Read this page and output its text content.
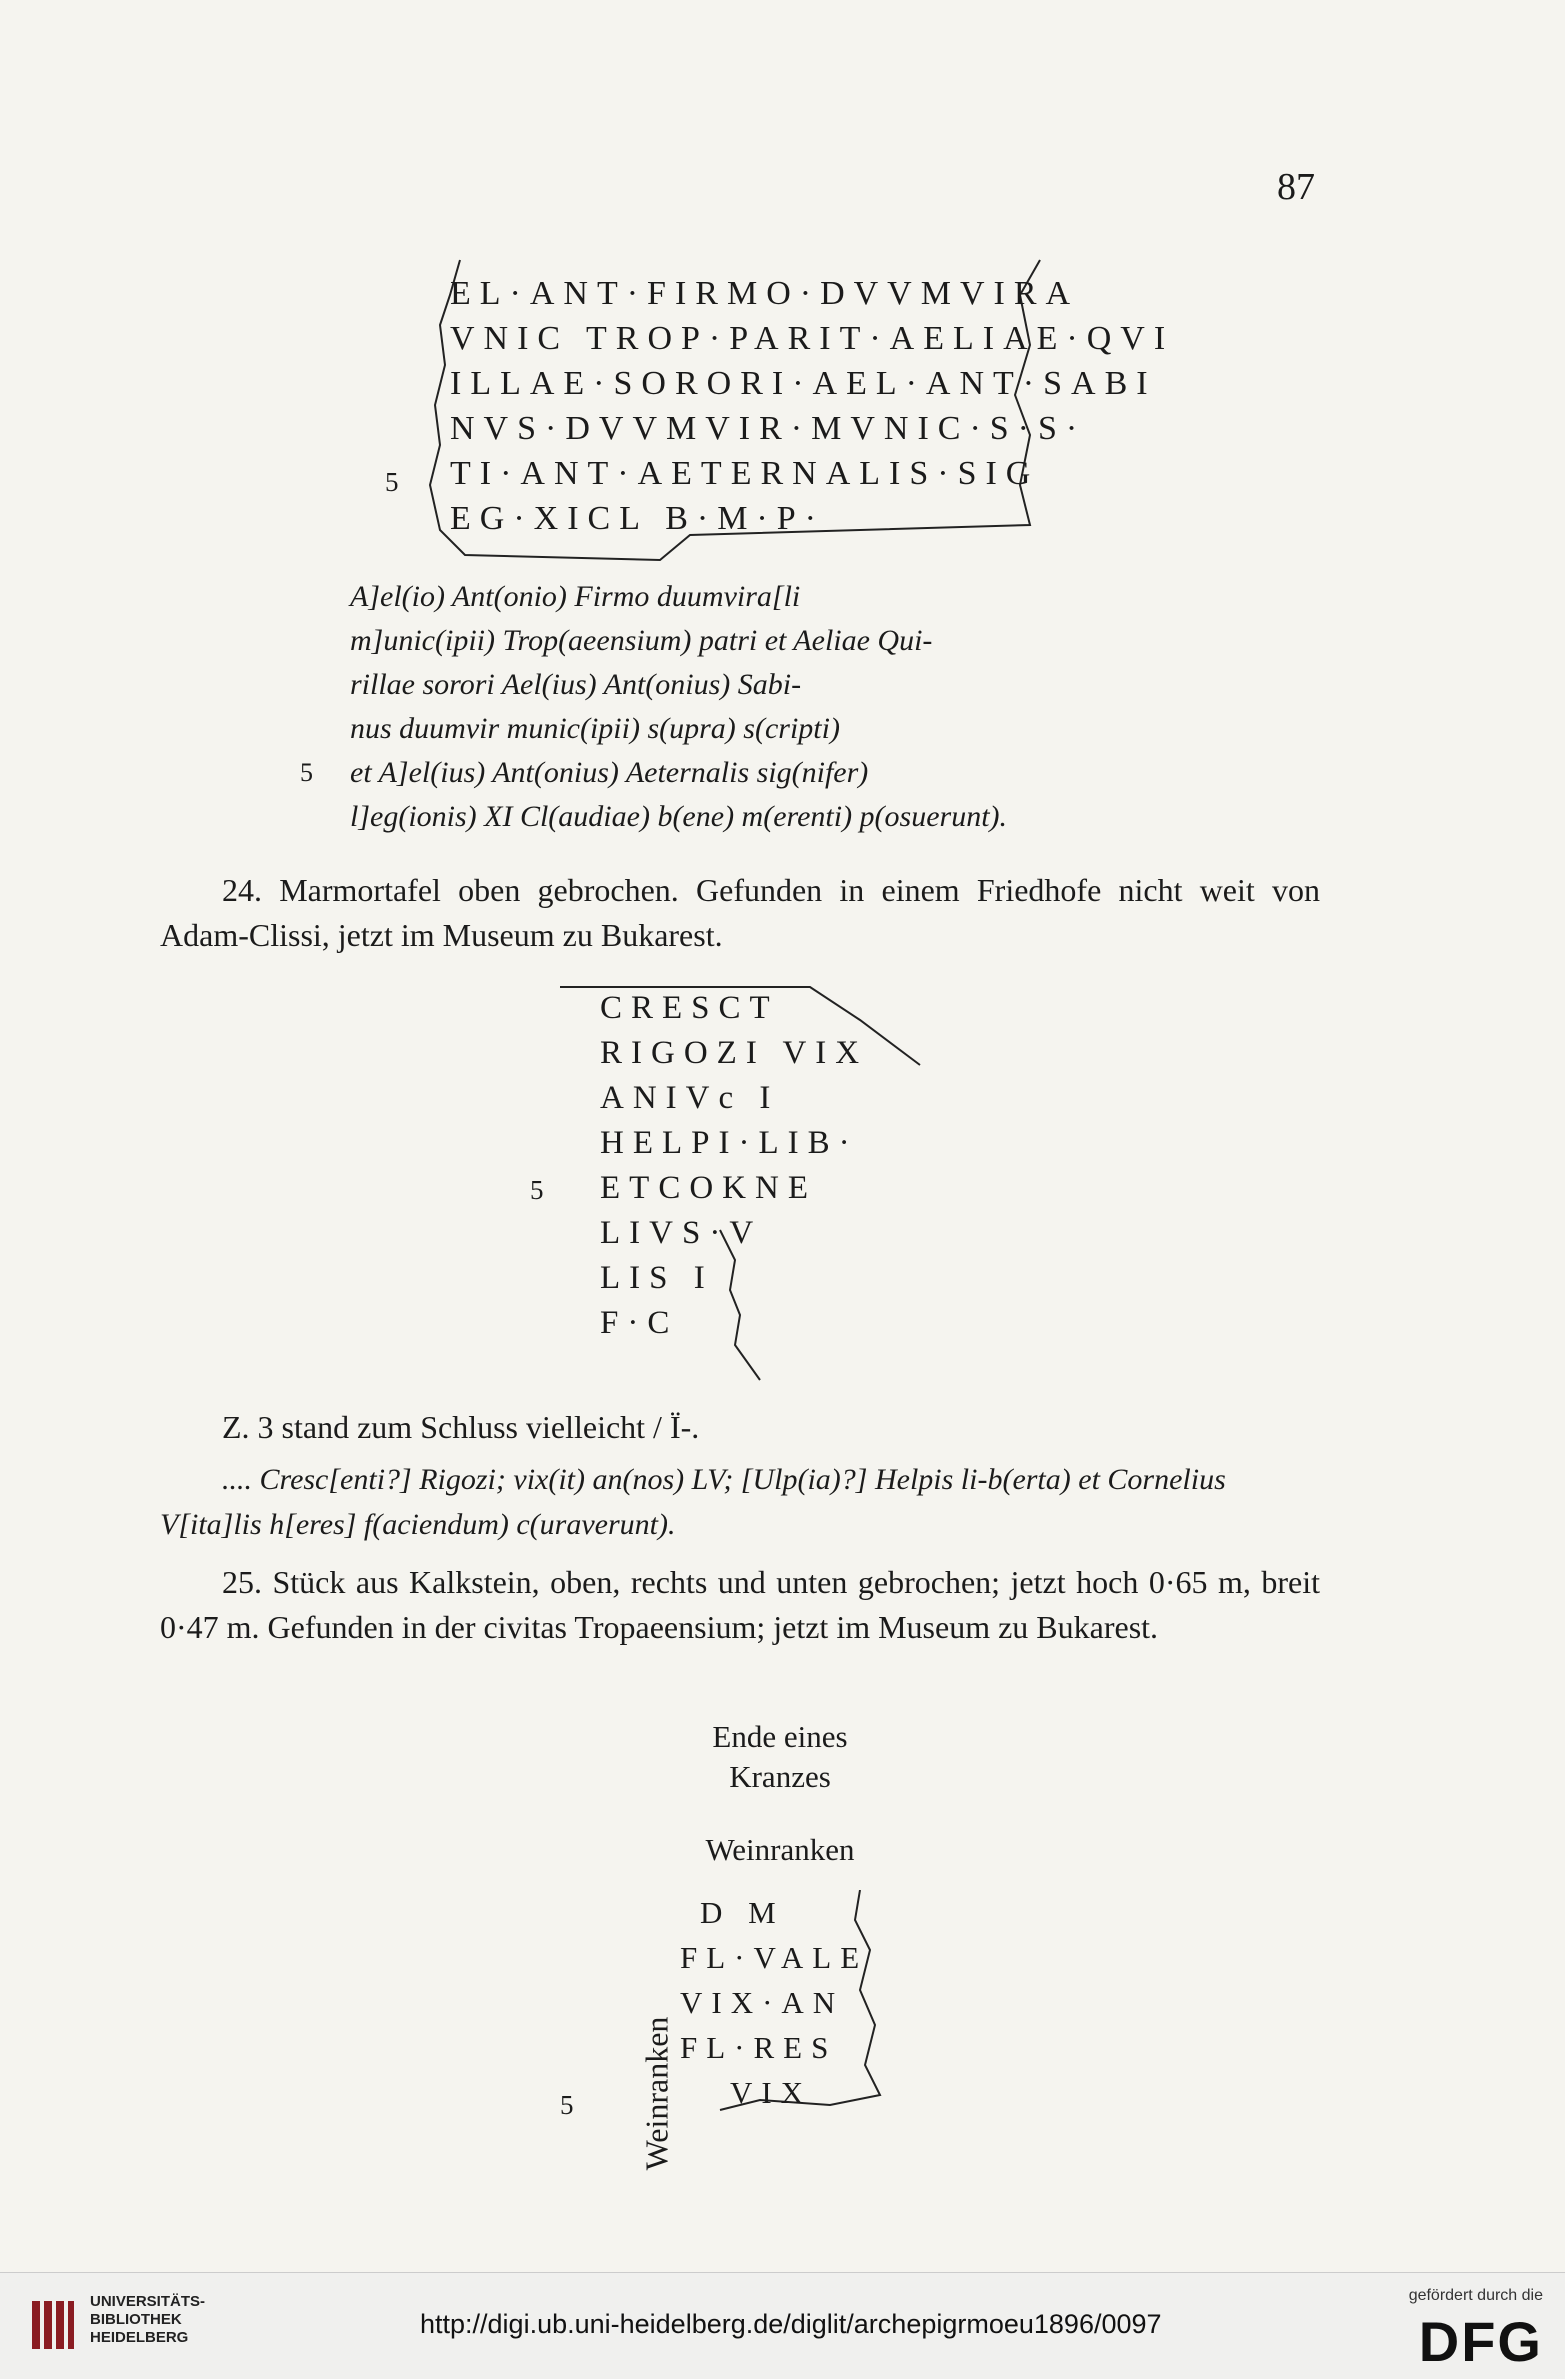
87
EL·ANT·FIRMO·DVVMVIRA
VNIC TROP·PARIT·AELIAE·QVI
ILLAE·SORORI·AEL·ANT·SABI
NVS·DVVMVIR·MVNIC·S·S·
TI·ANT·AETERNALIS·SIG
EG·XICL B·M·P·
5
A]el(io) Ant(onio) Firmo duumvira[li
m]unic(ipii) Trop(aeensium) patri et Aeliae Qui-
rillae sorori Ael(ius) Ant(onius) Sabi-
nus duumvir munic(ipii) s(upra) s(cripti)
5 et A]el(ius) Ant(onius) Aeternalis sig(nifer)
l]eg(ionis) XI Cl(audiae) b(ene) m(erenti) p(osuerunt).
24. Marmortafel oben gebrochen. Gefunden in einem Friedhofe nicht weit von Adam-Clissi, jetzt im Museum zu Bukarest.
CRESCT
RIGOZI VIX
ANIVc I
HELPI·LIB·
ETCOKNE
LIVS·V
LIS I
F·C
5
Z. 3 stand zum Schluss vielleicht / Ï-.
.... Cresc[enti?] Rigozi; vix(it) an(nos) LV; [Ulp(ia)?] Helpis li-b(erta) et Cornelius V[ita]lis h[eres] f(aciendum) c(uraverunt).
25. Stück aus Kalkstein, oben, rechts und unten gebrochen; jetzt hoch 0·65 m, breit 0·47 m. Gefunden in der civitas Tropaeensium; jetzt im Museum zu Bukarest.
Ende eines
Kranzes
Weinranken
Weinranken
D M
FL·VALE
VIX·AN
FL·RES
VIX
5
UNIVERSITÄTS-
BIBLIOTHEK
HEIDELBERG	http://digi.ub.uni-heidelberg.de/diglit/archepigrmoeu1896/0097
gefördert durch die
DFG
